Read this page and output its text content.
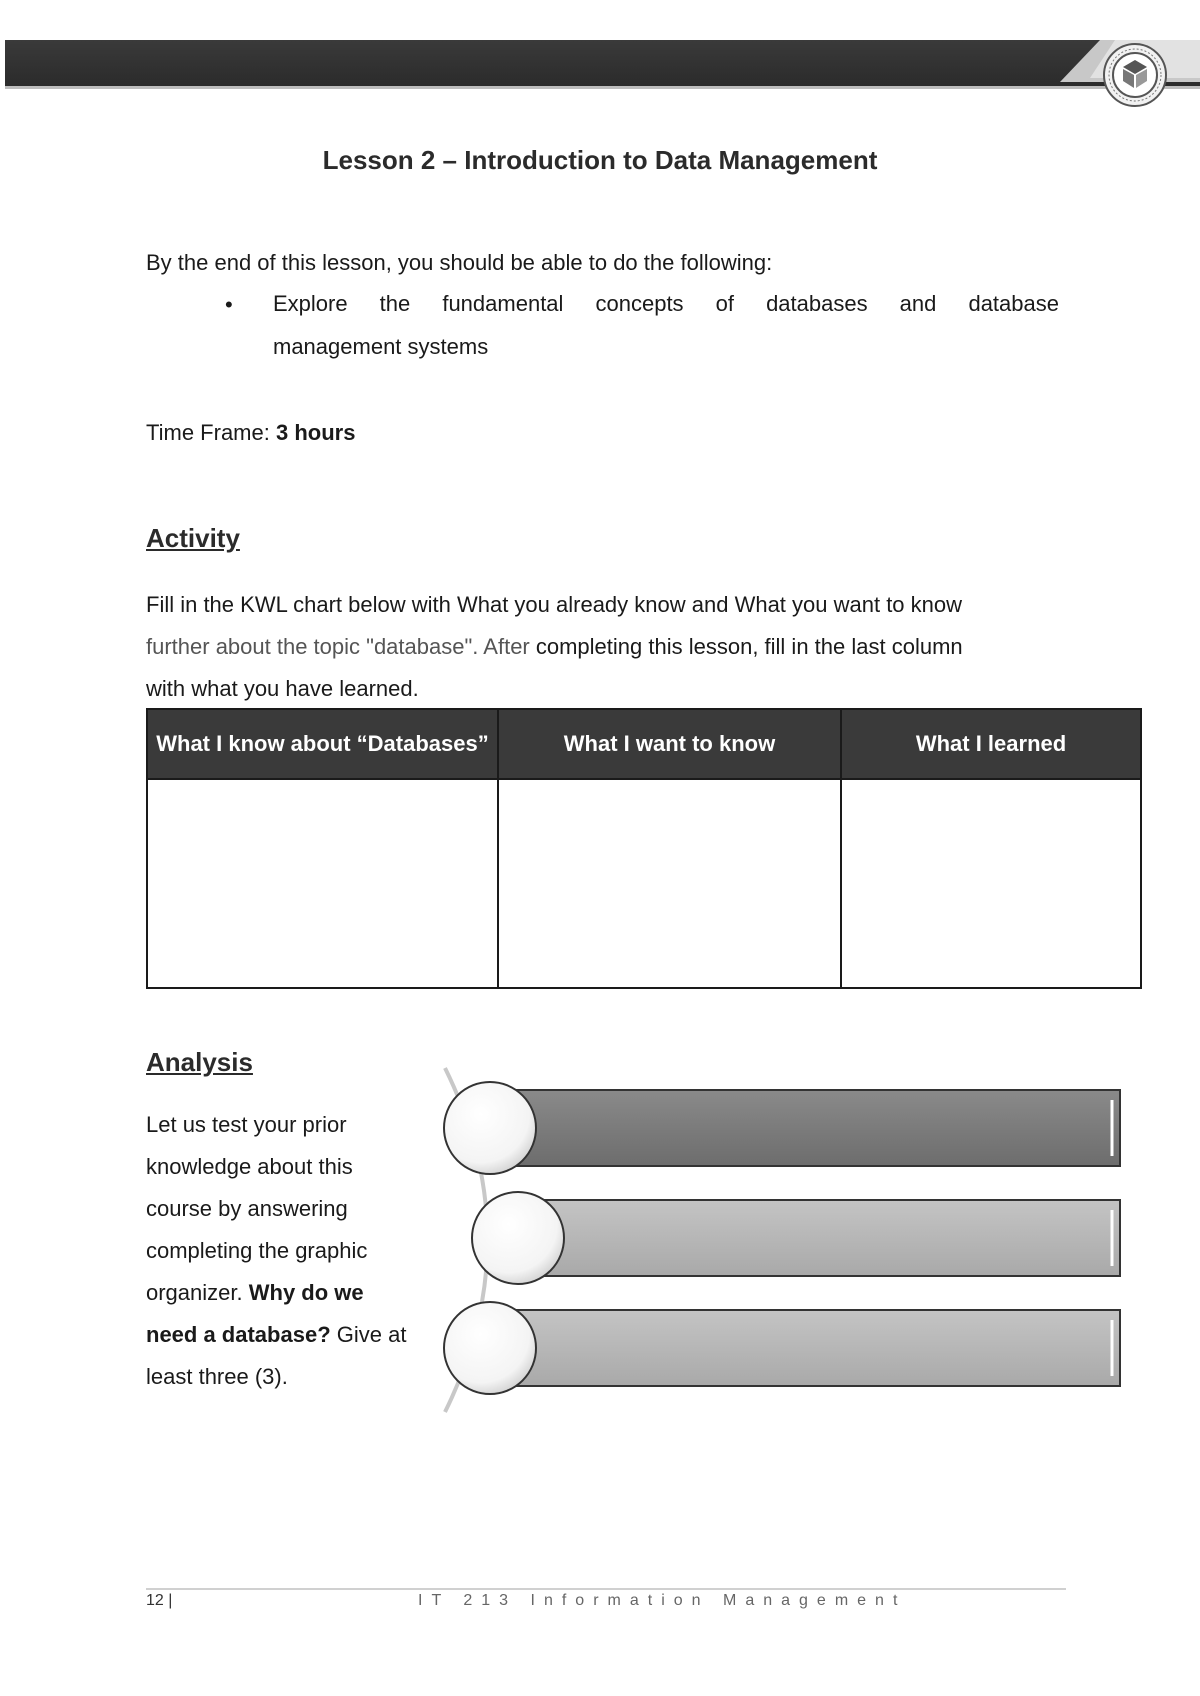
Lesson 2 – Introduction to Data Management
By the end of this lesson, you should be able to do the following:
• Explore the fundamental concepts of databases and database
management systems
Time Frame: 3 hours
Activity
Fill in the KWL chart below with What you already know and What you want to know
further about the topic "database". After completing this lesson, fill in the last column
with what you have learned.
What I know about “Databases”	What I want to know	What I learned

Analysis
Let us test your prior knowledge about this course by answering completing the graphic organizer. Why do we need a database? Give at least three (3).
12 |	IT 213 Information Management
